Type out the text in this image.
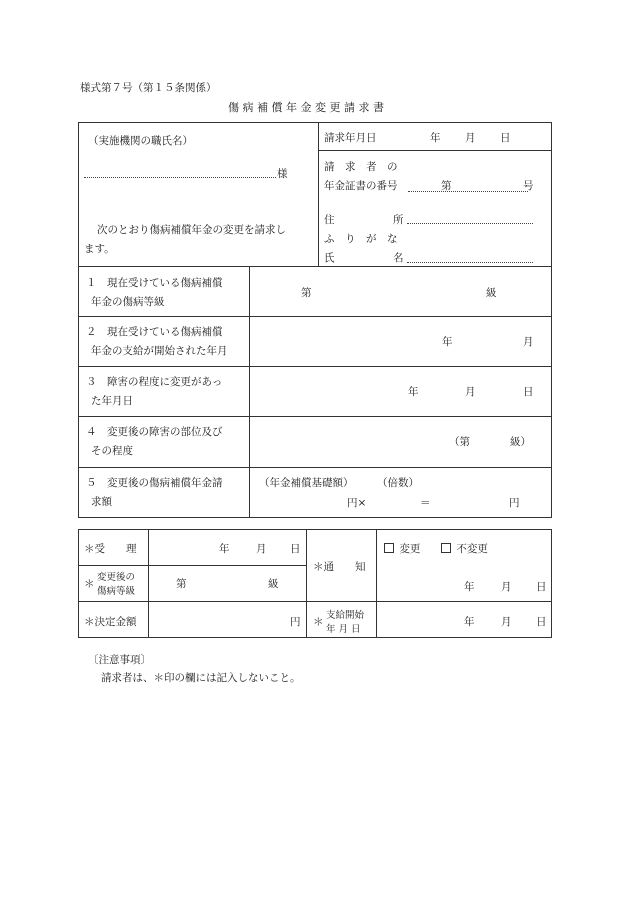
様式第７号（第１５条関係）
傷 病 補 償 年 金 変 更 請 求 書
（実施機関の職氏名）
様
次のとおり傷病補償年金の変更を請求し
ます。
請求年月日	年 月 日
請　求　者　の
年金証書の番号	第	号
住	所
ふ　り　が　な
氏	名
１　現在受けている傷病補償
年金の傷病等級
第	級
２　現在受けている傷病補償
年金の支給が開始された年月
年	月
３　障害の程度に変更があっ
た年月日
年	月	日
４　変更後の障害の部位及び
その程度
（第	級）
５　変更後の傷病補償年金請
求額
（年金補償基礎額） （倍数）
円×	＝	円
＊受　　理	年	月 日
＊
変更後の
傷病等級
第	級
＊通　　知
変更	不変更
年	月 日
＊決定金額	円 ＊
支給開始
年 月 日
年	月 日
〔注意事項〕
請求者は、＊印の欄には記入しないこと。
